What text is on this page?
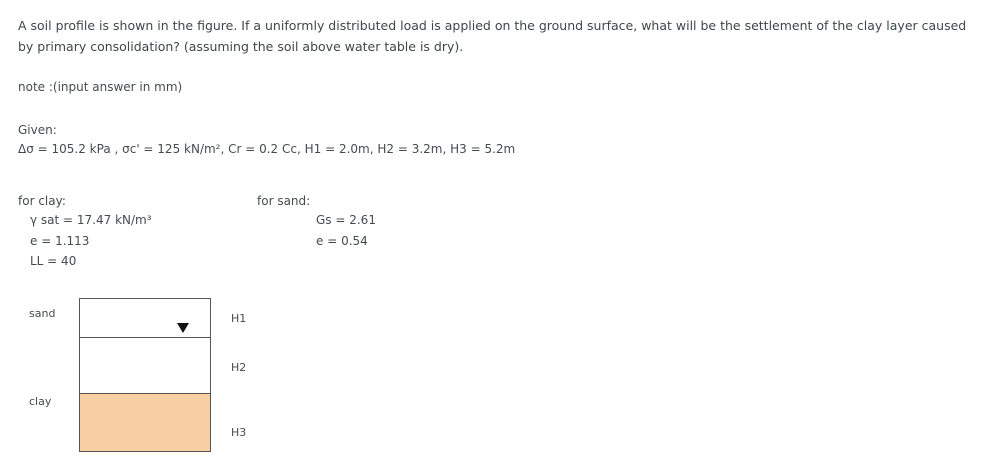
A soil profile is shown in the figure. If a uniformly distributed load is applied on the ground surface, what will be the settlement of the clay layer caused by primary consolidation? (assuming the soil above water table is dry).
note :(input answer in mm)
Given:
Δσ = 105.2 kPa , σc' = 125 kN/m², Cr = 0.2 Cc, H1 = 2.0m, H2 = 3.2m, H3 = 5.2m
for clay:
γ sat = 17.47 kN/m³
e = 1.113
LL = 40
for sand:
Gs = 2.61
e = 0.54
sand
clay
H1
H2
H3
